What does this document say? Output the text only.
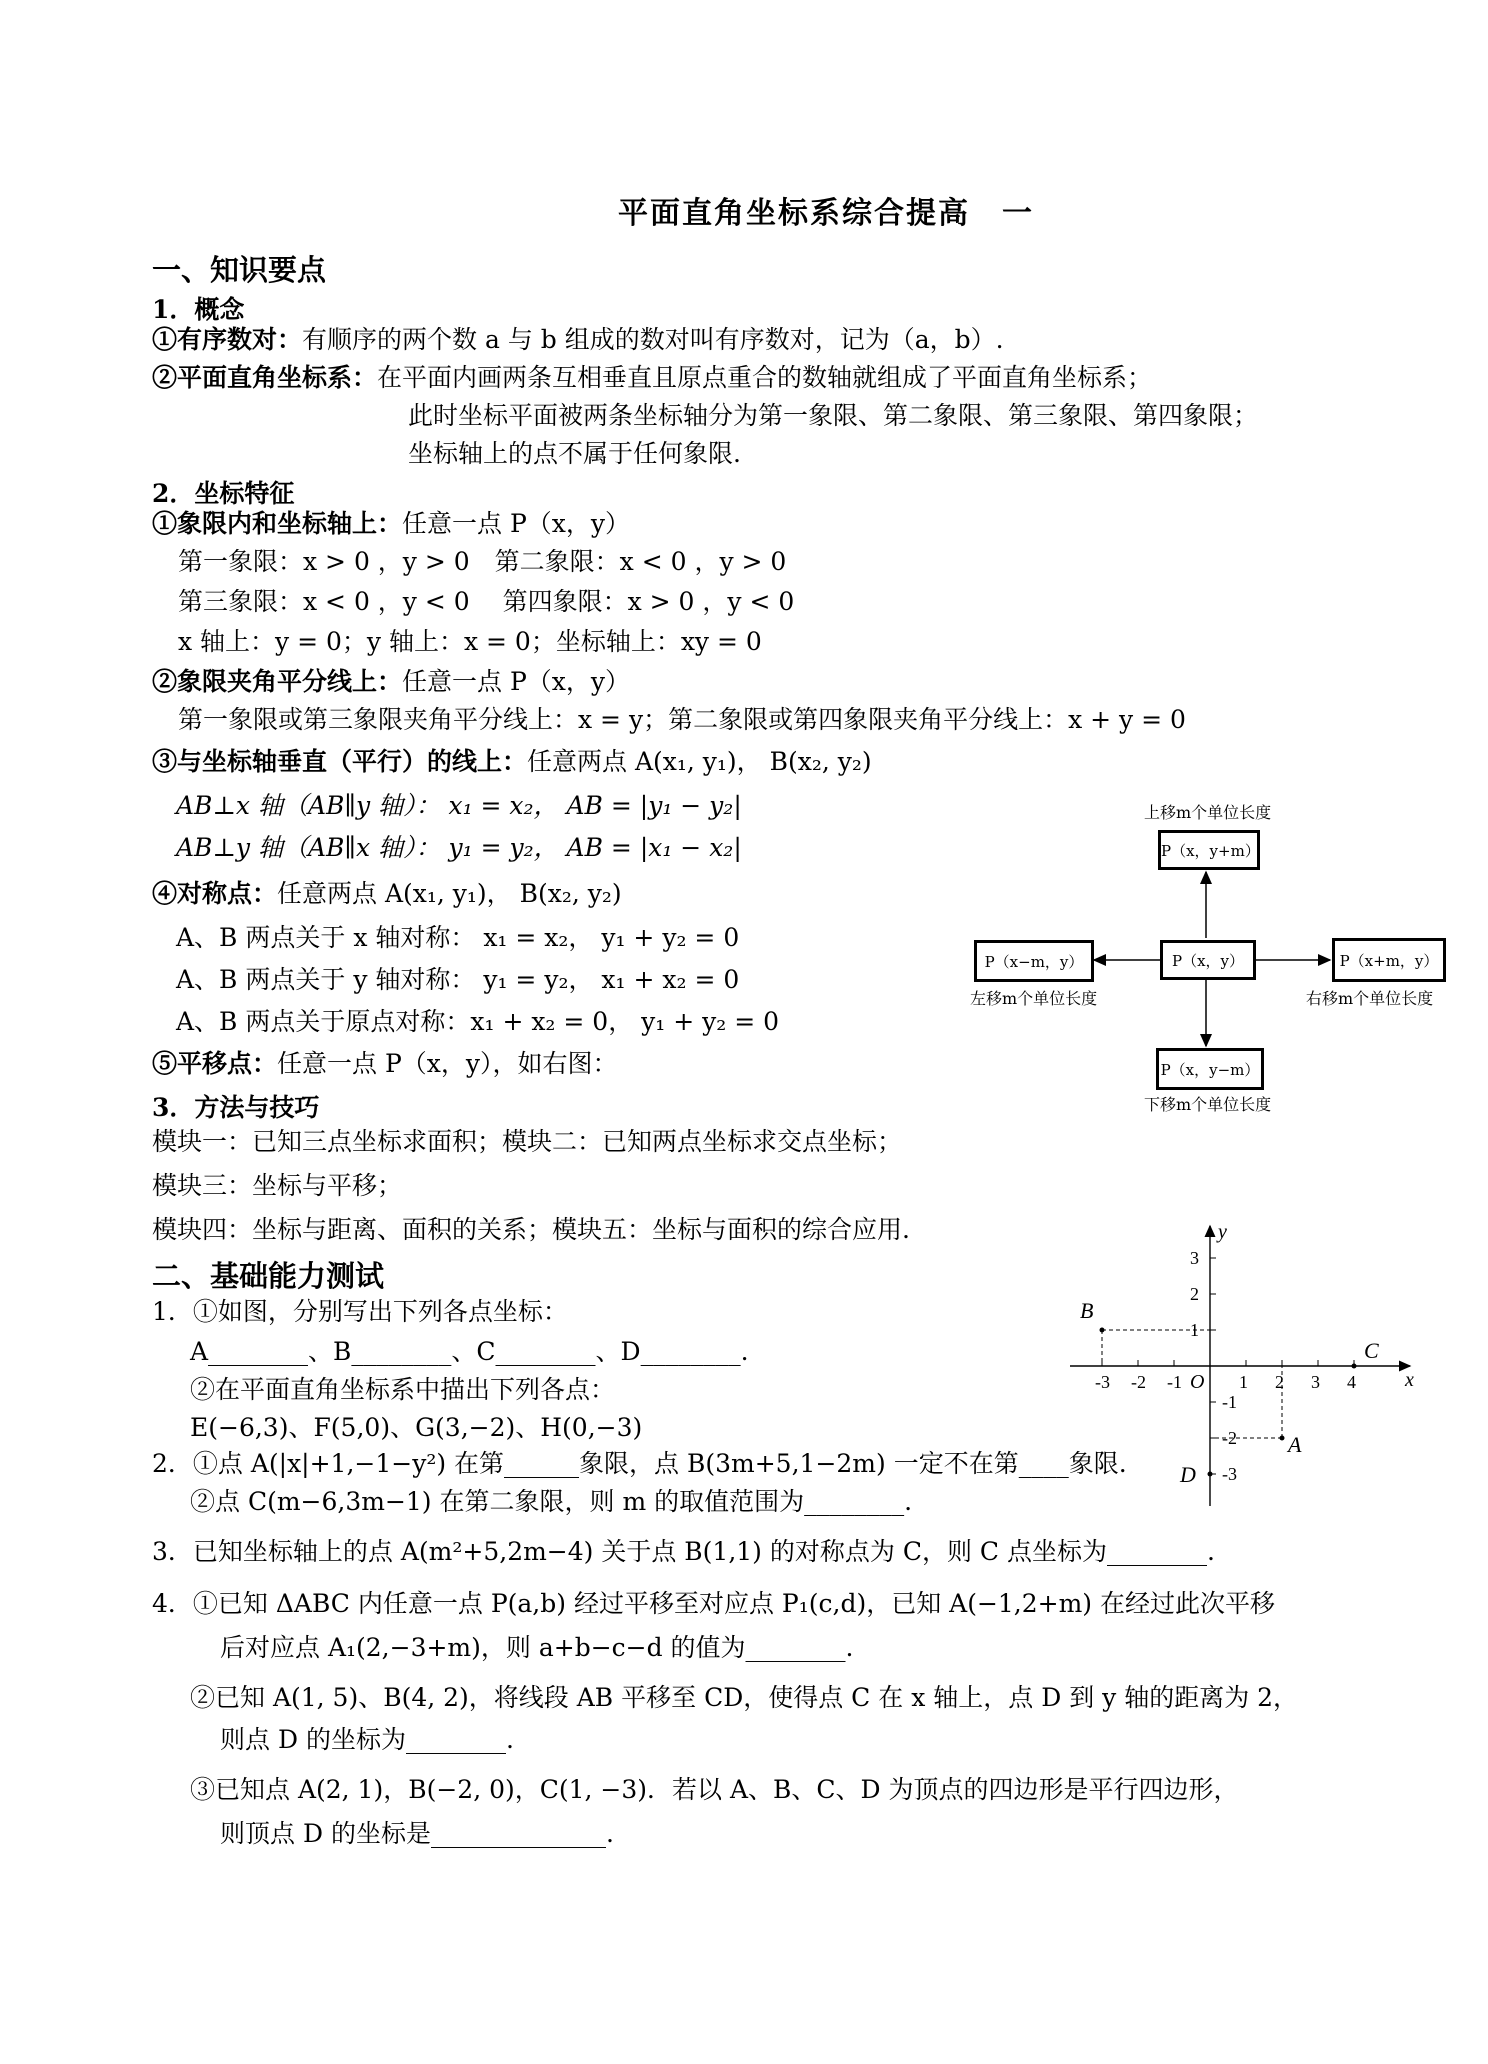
平面直角坐标系综合提高　一
一、知识要点
1．概念
①有序数对：有顺序的两个数 a 与 b 组成的数对叫有序数对，记为（a，b）.
②平面直角坐标系：在平面内画两条互相垂直且原点重合的数轴就组成了平面直角坐标系；
此时坐标平面被两条坐标轴分为第一象限、第二象限、第三象限、第四象限；
坐标轴上的点不属于任何象限.
2．坐标特征
①象限内和坐标轴上：任意一点 P（x，y）
第一象限：x > 0 ，y > 0　第二象限：x < 0 ，y > 0
第三象限：x < 0 ，y < 0　 第四象限：x > 0 ，y < 0
x 轴上：y = 0；y 轴上：x = 0；坐标轴上：xy = 0
②象限夹角平分线上：任意一点 P（x，y）
第一象限或第三象限夹角平分线上：x = y；第二象限或第四象限夹角平分线上：x + y = 0
③与坐标轴垂直（平行）的线上：任意两点 A(x₁, y₁)， B(x₂, y₂)
AB⊥x 轴（AB∥y 轴）： x₁ = x₂， AB = |y₁ − y₂|
AB⊥y 轴（AB∥x 轴）： y₁ = y₂， AB = |x₁ − x₂|
④对称点：任意两点 A(x₁, y₁)， B(x₂, y₂)
A、B 两点关于 x 轴对称： x₁ = x₂， y₁ + y₂ = 0
A、B 两点关于 y 轴对称： y₁ = y₂， x₁ + x₂ = 0
A、B 两点关于原点对称：x₁ + x₂ = 0， y₁ + y₂ = 0
⑤平移点：任意一点 P（x，y），如右图：
3．方法与技巧
模块一：已知三点坐标求面积；模块二：已知两点坐标求交点坐标；
模块三：坐标与平移；
模块四：坐标与距离、面积的关系；模块五：坐标与面积的综合应用.
上移m个单位长度
P（x，y+m）
P（x，y）
P（x−m，y）	P（x+m，y）
P（x，y−m）
左移m个单位长度	右移m个单位长度
下移m个单位长度
x
y
O
-3 -2 -1	1 2 3 4
3
2
1
-1
-2
-3
B
C
A
D
二、基础能力测试
1．①如图，分别写出下列各点坐标：
A________、B________、C________、D________.
②在平面直角坐标系中描出下列各点：
E(−6,3)、F(5,0)、G(3,−2)、H(0,−3)
2．①点 A(|x|+1,−1−y²) 在第______象限，点 B(3m+5,1−2m) 一定不在第____象限.
②点 C(m−6,3m−1) 在第二象限，则 m 的取值范围为________.
3．已知坐标轴上的点 A(m²+5,2m−4) 关于点 B(1,1) 的对称点为 C，则 C 点坐标为________.
4．①已知 ΔABC 内任意一点 P(a,b) 经过平移至对应点 P₁(c,d)，已知 A(−1,2+m) 在经过此次平移
后对应点 A₁(2,−3+m)，则 a+b−c−d 的值为________.
②已知 A(1, 5)、B(4, 2)，将线段 AB 平移至 CD，使得点 C 在 x 轴上，点 D 到 y 轴的距离为 2，
则点 D 的坐标为________.
③已知点 A(2, 1)，B(−2, 0)，C(1, −3)．若以 A、B、C、D 为顶点的四边形是平行四边形，
则顶点 D 的坐标是______________.
